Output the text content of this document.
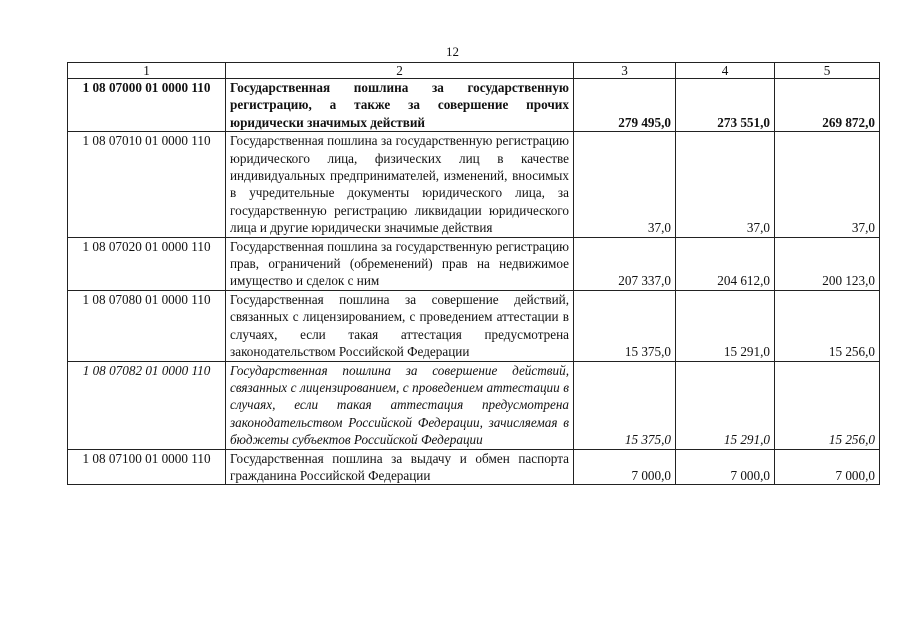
12
1	2	3	4	5
1 08 07000 01 0000 110	Государственная пошлина за государственную регистрацию, а также за совершение прочих юридически значимых действий	279 495,0	273 551,0	269 872,0
1 08 07010 01 0000 110	Государственная пошлина за государственную регистрацию юридического лица, физических лиц в качестве индивидуальных предпринимателей, изменений, вносимых в учредительные документы юридического лица, за государственную регистрацию ликвидации юридического лица и другие юридически значимые действия	37,0	37,0	37,0
1 08 07020 01 0000 110	Государственная пошлина за государственную регистрацию прав, ограничений (обременений) прав на недвижимое имущество и сделок с ним	207 337,0	204 612,0	200 123,0
1 08 07080 01 0000 110	Государственная пошлина за совершение действий, связанных с лицензированием, с проведением аттестации в случаях, если такая аттестация предусмотрена законодательством Российской Федерации	15 375,0	15 291,0	15 256,0
1 08 07082 01 0000 110	Государственная пошлина за совершение действий, связанных с лицензированием, с проведением аттестации в случаях, если такая аттестация предусмотрена законодательством Российской Федерации, зачисляемая в бюджеты субъектов Российской Федерации	15 375,0	15 291,0	15 256,0
1 08 07100 01 0000 110	Государственная пошлина за выдачу и обмен паспорта гражданина Российской Федерации	7 000,0	7 000,0	7 000,0
